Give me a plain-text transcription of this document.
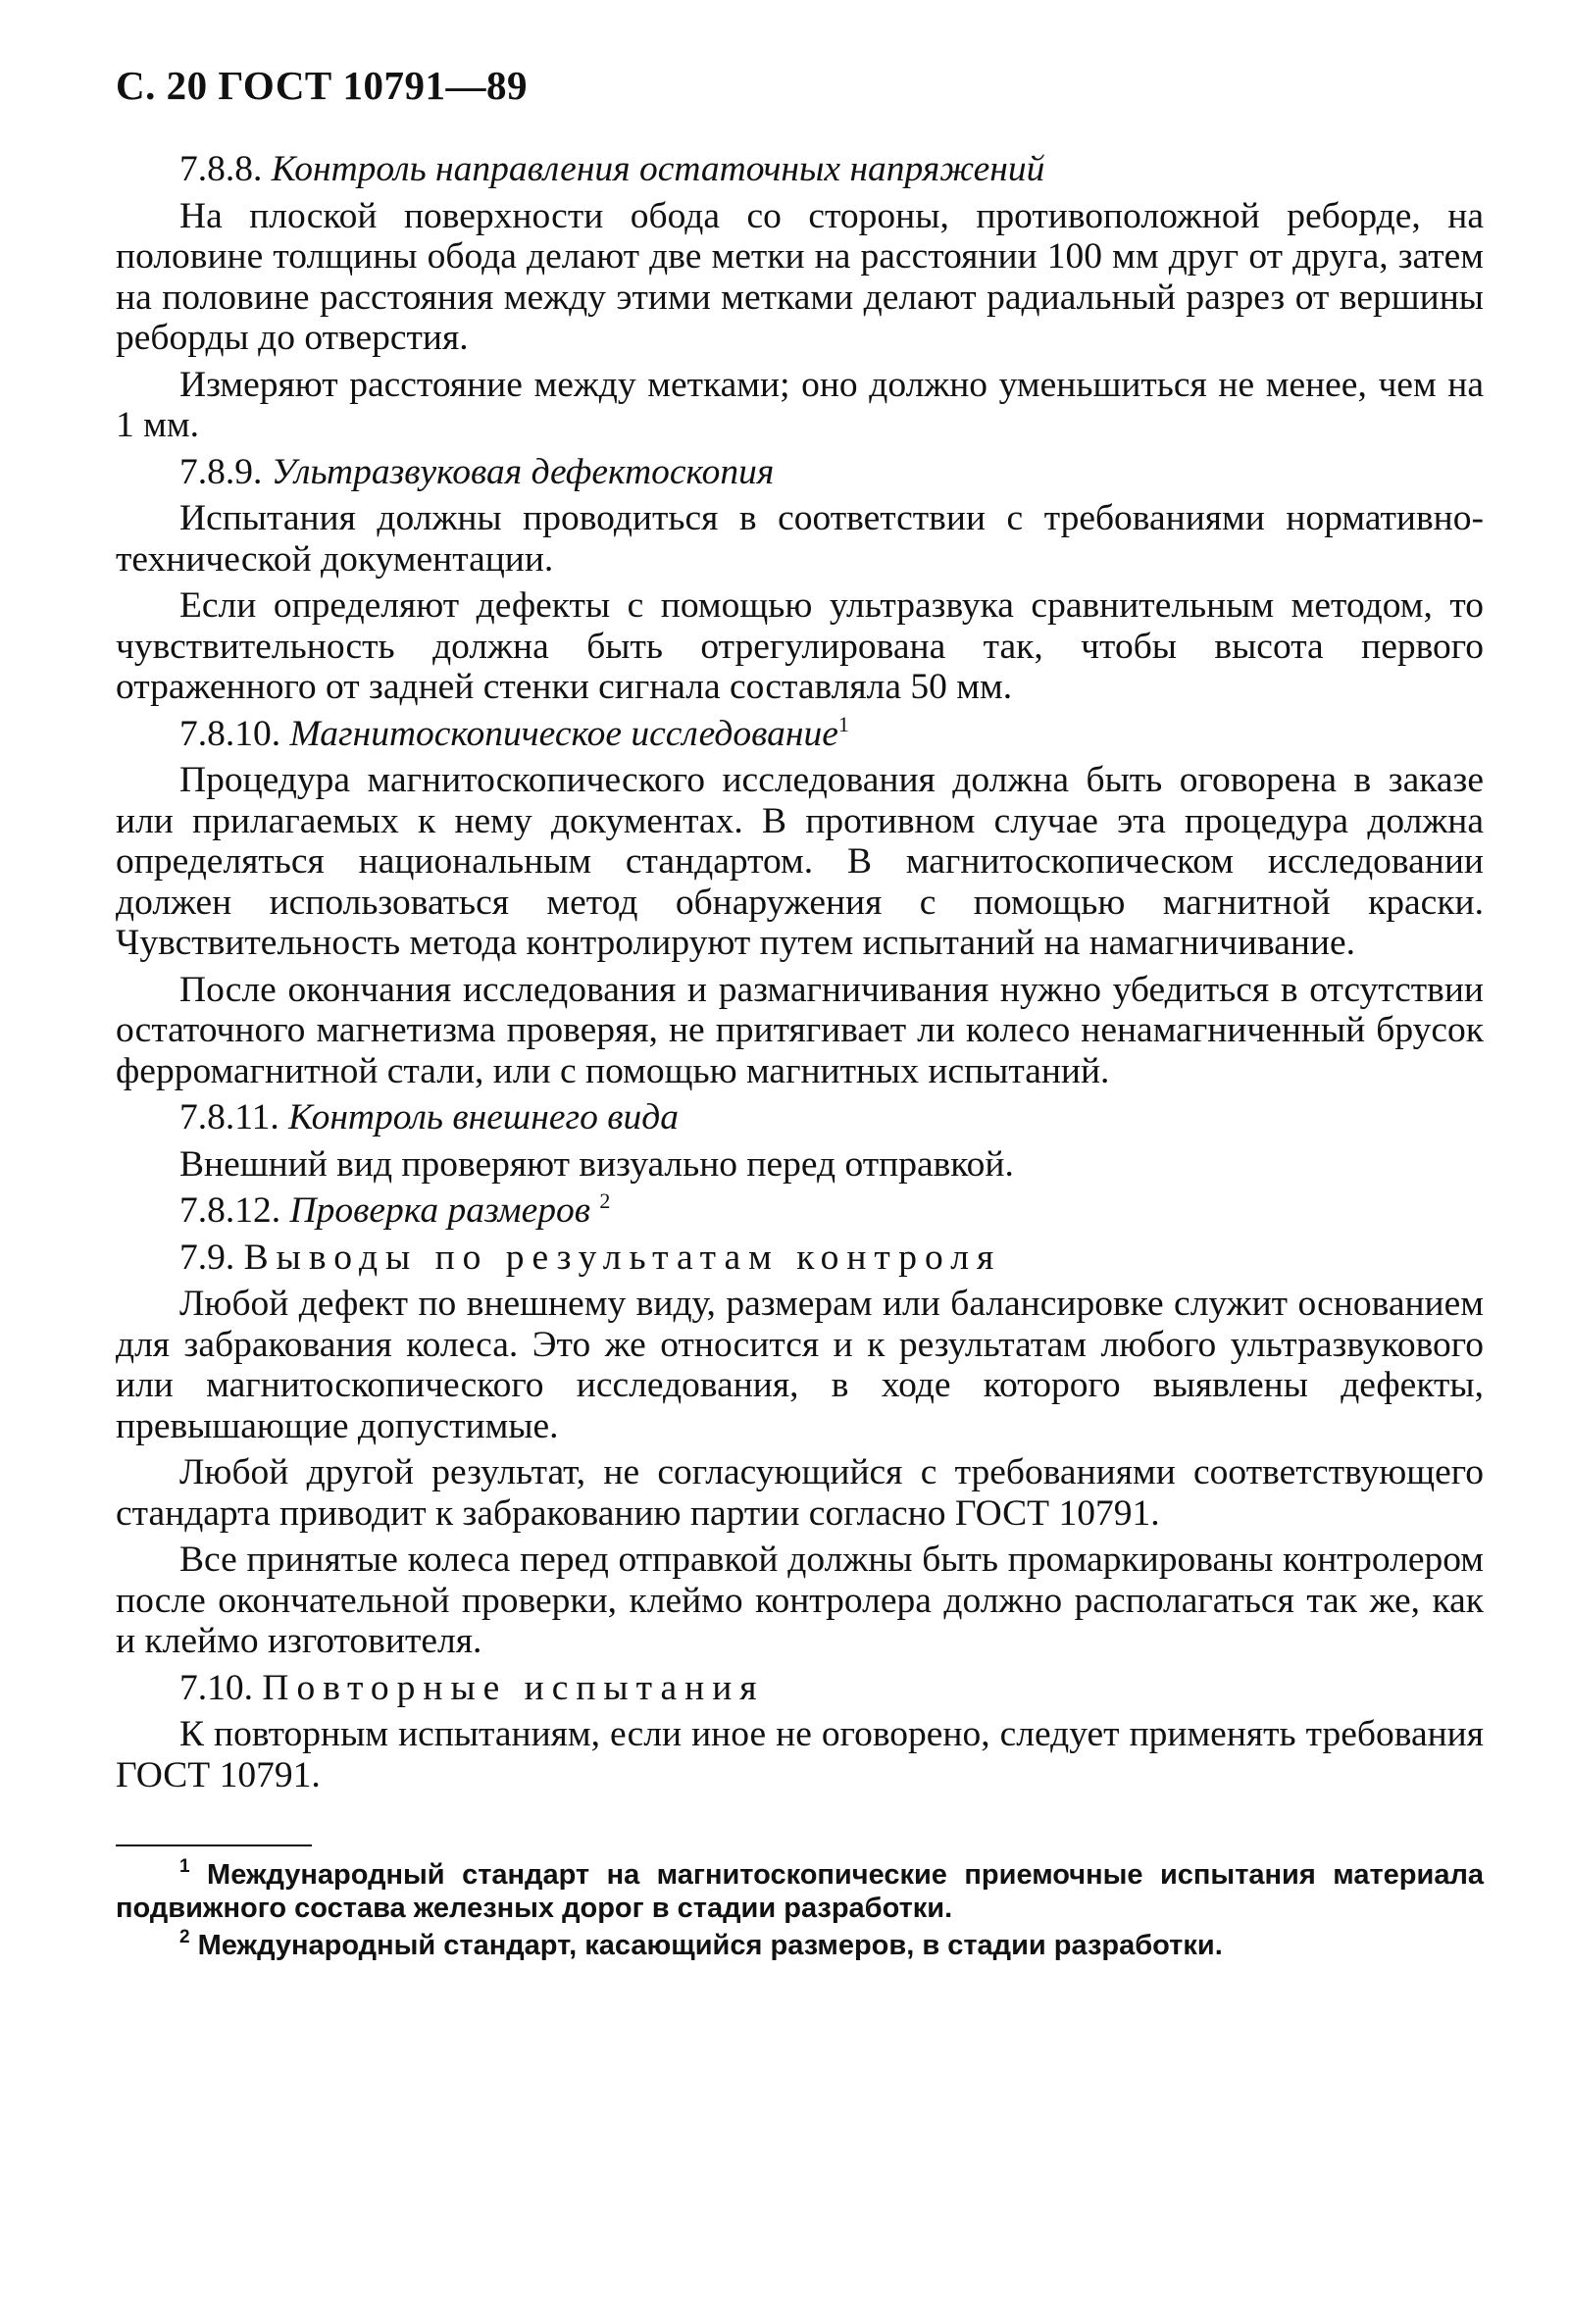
С. 20 ГОСТ 10791—89
7.8.8. Контроль направления остаточных напряжений

На плоской поверхности обода со стороны, противоположной реборде, на половине толщины обода делают две метки на расстоянии 100 мм друг от друга, затем на половине расстояния между этими метками делают радиальный разрез от вершины реборды до отверстия.

Измеряют расстояние между метками; оно должно уменьшиться не менее, чем на 1 мм.

7.8.9. Ультразвуковая дефектоскопия

Испытания должны проводиться в соответствии с требованиями нормативно-технической документации.

Если определяют дефекты с помощью ультразвука сравнительным методом, то чувствительность должна быть отрегулирована так, чтобы высота первого отраженного от задней стенки сигнала составляла 50 мм.

7.8.10. Магнитоскопическое исследование$^1$

Процедура магнитоскопического исследования должна быть оговорена в заказе или прилагаемых к нему документах. В противном случае эта процедура должна определяться национальным стандартом. В магнитоскопическом исследовании должен использоваться метод обнаружения с помощью магнитной краски. Чувствительность метода контролируют путем испытаний на намагничивание.

После окончания исследования и размагничивания нужно убедиться в отсутствии остаточного магнетизма проверяя, не притягивает ли колесо ненамагниченный брусок ферромагнитной стали, или с помощью магнитных испытаний.

7.8.11. Контроль внешнего вида

Внешний вид проверяют визуально перед отправкой.

7.8.12. Проверка размеров $^2$
7.9. Выводы по результатам контроля

Любой дефект по внешнему виду, размерам или балансировке служит основанием для забракования колеса. Это же относится и к результатам любого ультразвукового или магнитоскопического исследования, в ходе которого выявлены дефекты, превышающие допустимые.

Любой другой результат, не согласующийся с требованиями соответствующего стандарта приводит к забракованию партии согласно ГОСТ 10791.

Все принятые колеса перед отправкой должны быть промаркированы контролером после окончательной проверки, клеймо контролера должно располагаться так же, как и клеймо изготовителя.

7.10. Повторные испытания

К повторным испытаниям, если иное не оговорено, следует применять требования ГОСТ 10791.

$^1$ Международный стандарт на магнитоскопические приемочные испытания материала подвижного состава железных дорог в стадии разработки.

$^2$ Международный стандарт, касающийся размеров, в стадии разработки.
